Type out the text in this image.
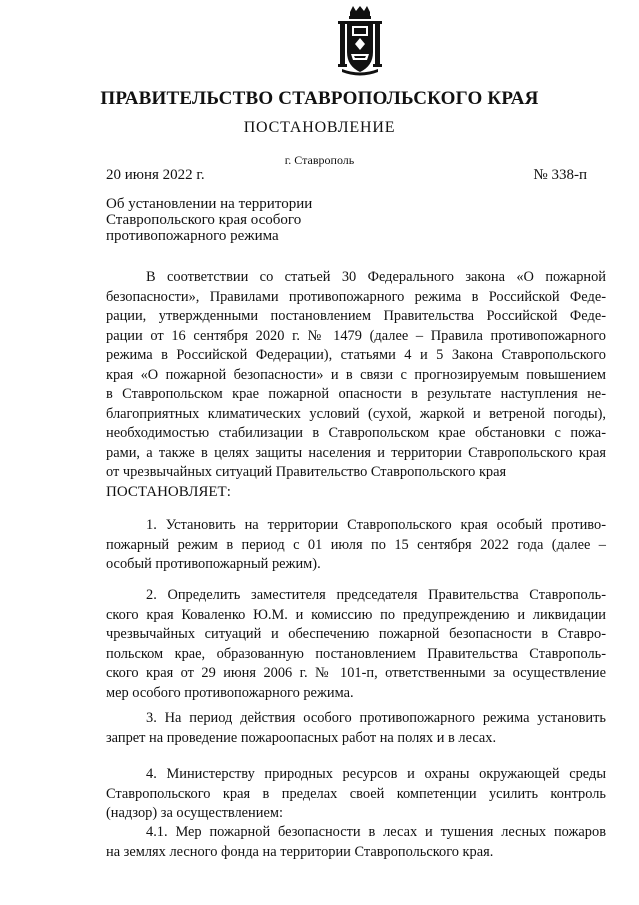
ПРАВИТЕЛЬСТВО СТАВРОПОЛЬСКОГО КРАЯ
ПОСТАНОВЛЕНИЕ
г. Ставрополь
20 июня 2022 г.	№ 338-п
Об установлении на территории
Ставропольского края особого
противопожарного режима
В соответствии со статьей 30 Федерального закона «О пожарной
безопасности», Правилами противопожарного режима в Российской Феде-
рации, утвержденными постановлением Правительства Российской Феде-
рации от 16 сентября 2020 г. № 1479 (далее – Правила противопожарного
режима в Российской Федерации), статьями 4 и 5 Закона Ставропольского
края «О пожарной безопасности» и в связи с прогнозируемым повышением
в Ставропольском крае пожарной опасности в результате наступления не-
благоприятных климатических условий (сухой, жаркой и ветреной погоды),
необходимостью стабилизации в Ставропольском крае обстановки с пожа-
рами, а также в целях защиты населения и территории Ставропольского края
от чрезвычайных ситуаций Правительство Ставропольского края
ПОСТАНОВЛЯЕТ:
1. Установить на территории Ставропольского края особый противо-
пожарный режим в период с 01 июля по 15 сентября 2022 года (далее –
особый противопожарный режим).
2. Определить заместителя председателя Правительства Ставрополь-
ского края Коваленко Ю.М. и комиссию по предупреждению и ликвидации
чрезвычайных ситуаций и обеспечению пожарной безопасности в Ставро-
польском крае, образованную постановлением Правительства Ставрополь-
ского края от 29 июня 2006 г. № 101-п, ответственными за осуществление
мер особого противопожарного режима.
3. На период действия особого противопожарного режима установить
запрет на проведение пожароопасных работ на полях и в лесах.
4. Министерству природных ресурсов и охраны окружающей среды
Ставропольского края в пределах своей компетенции усилить контроль
(надзор) за осуществлением:
4.1. Мер пожарной безопасности в лесах и тушения лесных пожаров
на землях лесного фонда на территории Ставропольского края.
